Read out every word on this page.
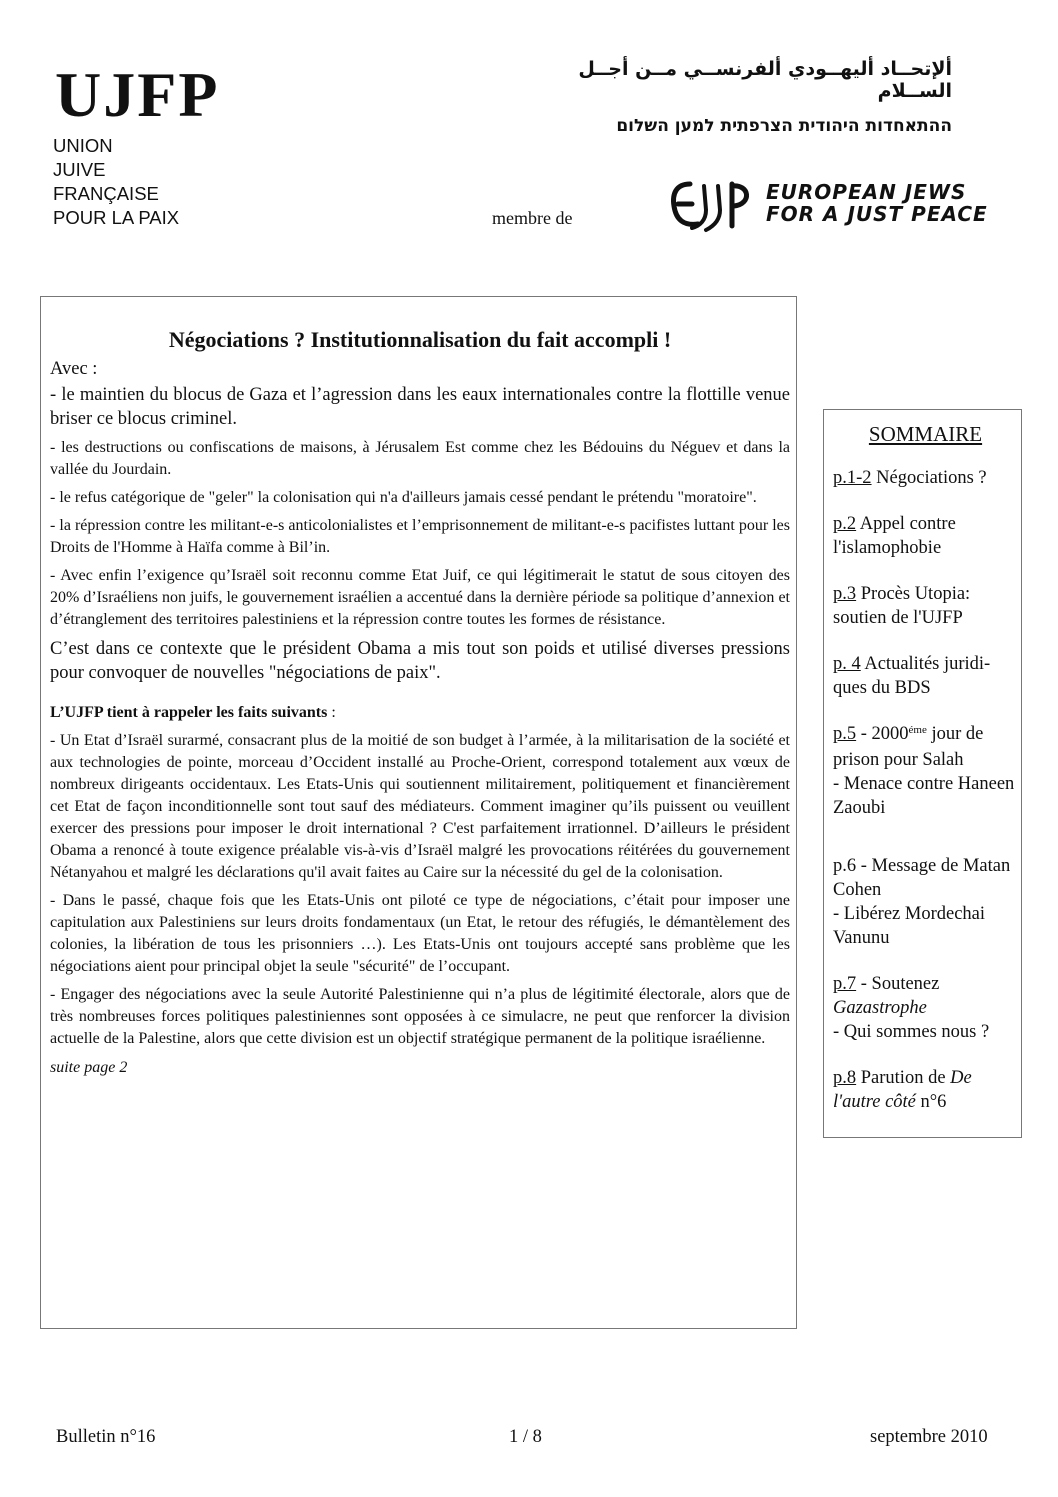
UJFP
UNION
JUIVE
FRANÇAISE
POUR LA PAIX
ألإتحــاد أليهــودي ألفرنســي مــن أجــل الســلام
ההתאחדות היהודית הצרפתית למען השלום
membre de
EUROPEAN JEWS
FOR A JUST PEACE
Négociations ? Institutionnalisation du fait accompli !
Avec :
- le maintien du blocus de Gaza et l’agression dans les eaux internationales contre la flottille venue briser ce blocus criminel.
- les destructions ou confiscations de maisons, à Jérusalem Est comme chez les Bédouins du Néguev et dans la vallée du Jourdain.
- le refus catégorique de "geler" la colonisation qui n'a d'ailleurs jamais cessé pendant le prétendu "moratoire".
- la répression contre les militant-e-s anticolonialistes et l’emprisonnement de militant-e-s pacifistes luttant pour les Droits de l'Homme à Haïfa comme à Bil’in.
- Avec enfin l’exigence qu’Israël soit reconnu comme Etat Juif, ce qui légitimerait le statut de sous citoyen des 20% d’Israéliens non juifs, le gouvernement israélien a accentué dans la dernière période sa politique d’annexion et d’étranglement des territoires palestiniens et la répression contre toutes les formes de résistance.
C’est dans ce contexte que le président Obama a mis tout son poids et utilisé diverses pressions pour convoquer de nouvelles "négociations de paix".
L’UJFP tient à rappeler les faits suivants :
- Un Etat d’Israël surarmé, consacrant plus de la moitié de son budget à l’armée, à la militarisation de la société et aux technologies de pointe, morceau d’Occident installé au Proche-Orient, correspond totalement aux vœux de nombreux dirigeants occidentaux. Les Etats-Unis qui soutiennent militairement, politiquement et financièrement cet Etat de façon inconditionnelle sont tout sauf des médiateurs. Comment imaginer qu’ils puissent ou veuillent exercer des pressions pour imposer le droit international ? C'est parfaitement irrationnel. D’ailleurs le président Obama a renoncé à toute exigence préalable vis-à-vis d’Israël malgré les provocations réitérées du gouvernement Nétanyahou et malgré les déclarations qu'il avait faites au Caire sur la nécessité du gel de la colonisation.
- Dans le passé, chaque fois que les Etats-Unis ont piloté ce type de négociations, c’était pour imposer une capitulation aux Palestiniens sur leurs droits fondamentaux (un Etat, le retour des réfugiés, le démantèlement des colonies, la libération de tous les prisonniers …). Les Etats-Unis ont toujours accepté sans problème que les négociations aient pour principal objet la seule "sécurité" de l’occupant.
- Engager des négociations avec la seule Autorité Palestinienne qui n’a plus de légitimité électorale, alors que de très nombreuses forces politiques palestiniennes sont opposées à ce simulacre, ne peut que renforcer la division actuelle de la Palestine, alors que cette division est un objectif stratégique permanent de la politique israélienne.
suite page 2
SOMMAIRE
p.1-2 Négociations ?
p.2 Appel contre l'islamophobie
p.3 Procès Utopia: soutien de l'UJFP
p. 4 Actualités juridi-ques du BDS
$p.5 - 2000^{éme}$ jour de prison pour Salah
- Menace contre Haneen Zaoubi
p.6 - Message de Matan Cohen
- Libérez Mordechai Vanunu
p.7 - Soutenez Gazastrophe
- Qui sommes nous ?
p.8 Parution de De l'autre côté n°6
Bulletin n°16	1 / 8	septembre 2010
